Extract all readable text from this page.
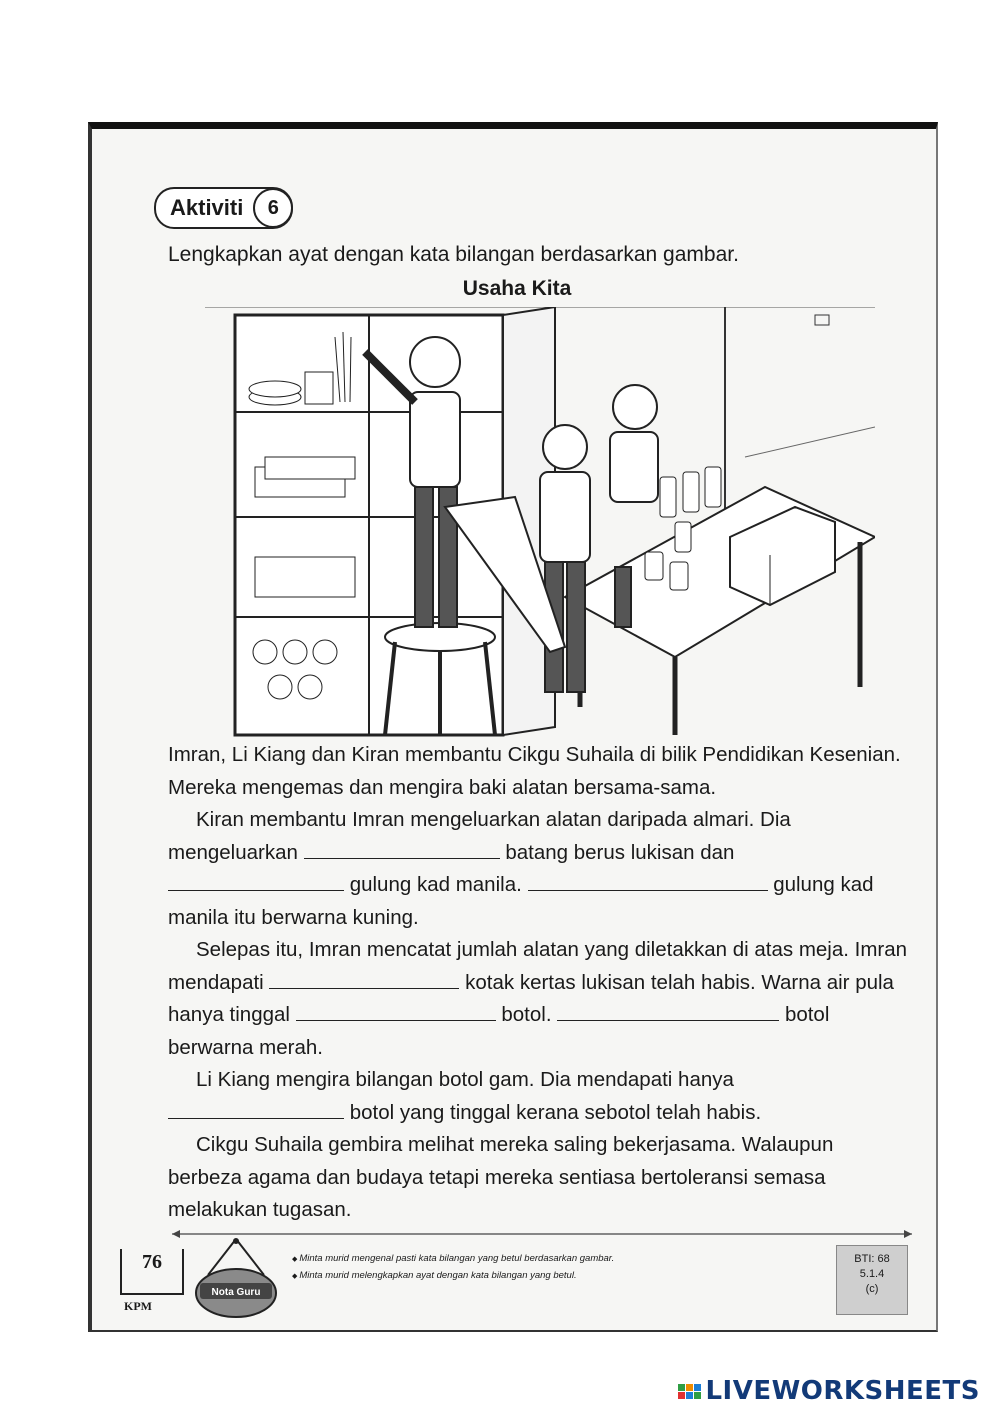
Aktiviti	6
Lengkapkan ayat dengan kata bilangan berdasarkan gambar.
Usaha Kita

Imran, Li Kiang dan Kiran membantu Cikgu Suhaila di bilik Pendidikan Kesenian. Mereka mengemas dan mengira baki alatan bersama-sama.

Kiran membantu Imran mengeluarkan alatan daripada almari. Dia mengeluarkan	batang berus lukisan dan  gulung kad manila.	gulung kad manila itu berwarna kuning.

Selepas itu, Imran mencatat jumlah alatan yang diletakkan di atas meja. Imran mendapati	kotak kertas lukisan telah habis. Warna air pula hanya tinggal	botol.	botol berwarna merah.

Li Kiang mengira bilangan botol gam. Dia mendapati hanya  botol yang tinggal kerana sebotol telah habis.

Cikgu Suhaila gembira melihat mereka saling bekerjasama. Walaupun berbeza agama dan budaya tetapi mereka sentiasa bertoleransi semasa melakukan tugasan.

76
KPM
Nota Guru
◆ Minta murid mengenal pasti kata bilangan yang betul berdasarkan gambar.
◆ Minta murid melengkapkan ayat dengan kata bilangan yang betul.
BTI: 68
5.1.4
(c)
LIVEWORKSHEETS
